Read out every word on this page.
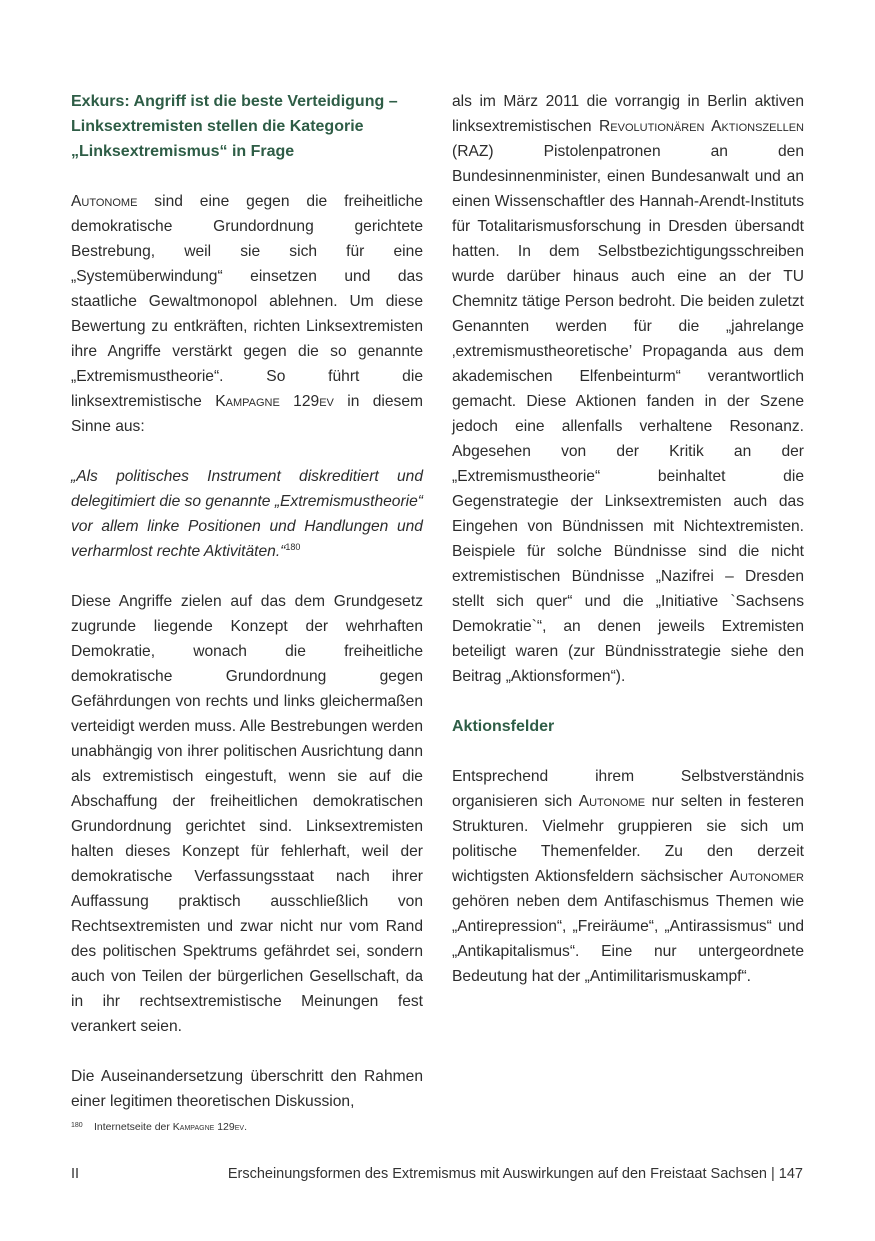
Exkurs: Angriff ist die beste Verteidigung – Linksextremisten stellen die Kategorie „Linksextremismus“ in Frage

Autonome sind eine gegen die freiheitliche demokratische Grundordnung gerichtete Bestrebung, weil sie sich für eine „Systemüberwindung“ einsetzen und das staatliche Gewaltmonopol ablehnen. Um diese Bewertung zu entkräften, richten Linksextremisten ihre Angriffe verstärkt gegen die so genannte „Extremismustheorie“. So führt die linksextremistische Kampagne 129ev in diesem Sinne aus:

„Als politisches Instrument diskreditiert und delegitimiert die so genannte „Extremismustheorie“ vor allem linke Positionen und Handlungen und verharmlost rechte Aktivitäten.“$^{180}$

Diese Angriffe zielen auf das dem Grundgesetz zugrunde liegende Konzept der wehrhaften Demokratie, wonach die freiheitliche demokratische Grundordnung gegen Gefährdungen von rechts und links gleichermaßen verteidigt werden muss. Alle Bestrebungen werden unabhängig von ihrer politischen Ausrichtung dann als extremistisch eingestuft, wenn sie auf die Abschaffung der freiheitlichen demokratischen Grundordnung gerichtet sind. Linksextremisten halten dieses Konzept für fehlerhaft, weil der demokratische Verfassungsstaat nach ihrer Auffassung praktisch ausschließlich von Rechtsextremisten und zwar nicht nur vom Rand des politischen Spektrums gefährdet sei, sondern auch von Teilen der bürgerlichen Gesellschaft, da in ihr rechtsextremistische Meinungen fest verankert seien.

Die Auseinandersetzung überschritt den Rahmen einer legitimen theoretischen Diskussion,

als im März 2011 die vorrangig in Berlin aktiven linksextremistischen Revolutionären Aktionszellen (RAZ) Pistolenpatronen an den Bundesinnenminister, einen Bundesanwalt und an einen Wissenschaftler des Hannah-Arendt-Instituts für Totalitarismusforschung in Dresden übersandt hatten. In dem Selbstbezichtigungsschreiben wurde darüber hinaus auch eine an der TU Chemnitz tätige Person bedroht. Die beiden zuletzt Genannten werden für die „jahrelange ‚extremismustheoretische’ Propaganda aus dem akademischen Elfenbeinturm“ verantwortlich gemacht. Diese Aktionen fanden in der Szene jedoch eine allenfalls verhaltene Resonanz. Abgesehen von der Kritik an der „Extremismustheorie“ beinhaltet die Gegenstrategie der Linksextremisten auch das Eingehen von Bündnissen mit Nichtextremisten. Beispiele für solche Bündnisse sind die nicht extremistischen Bündnisse „Nazifrei – Dresden stellt sich quer“ und die „Initiative `Sachsens Demokratie`“, an denen jeweils Extremisten beteiligt waren (zur Bündnisstrategie siehe den Beitrag „Aktionsformen“).

Aktionsfelder

Entsprechend ihrem Selbstverständnis organisieren sich Autonome nur selten in festeren Strukturen. Vielmehr gruppieren sie sich um politische Themenfelder. Zu den derzeit wichtigsten Aktionsfeldern sächsischer Autonomer gehören neben dem Antifaschismus Themen wie „Antirepression“, „Freiräume“, „Antirassismus“ und „Antikapitalismus“. Eine nur untergeordnete Bedeutung hat der „Antimilitarismuskampf“.

180 Internetseite der Kampagne 129ev.
II	Erscheinungsformen des Extremismus mit Auswirkungen auf den Freistaat Sachsen | 147
